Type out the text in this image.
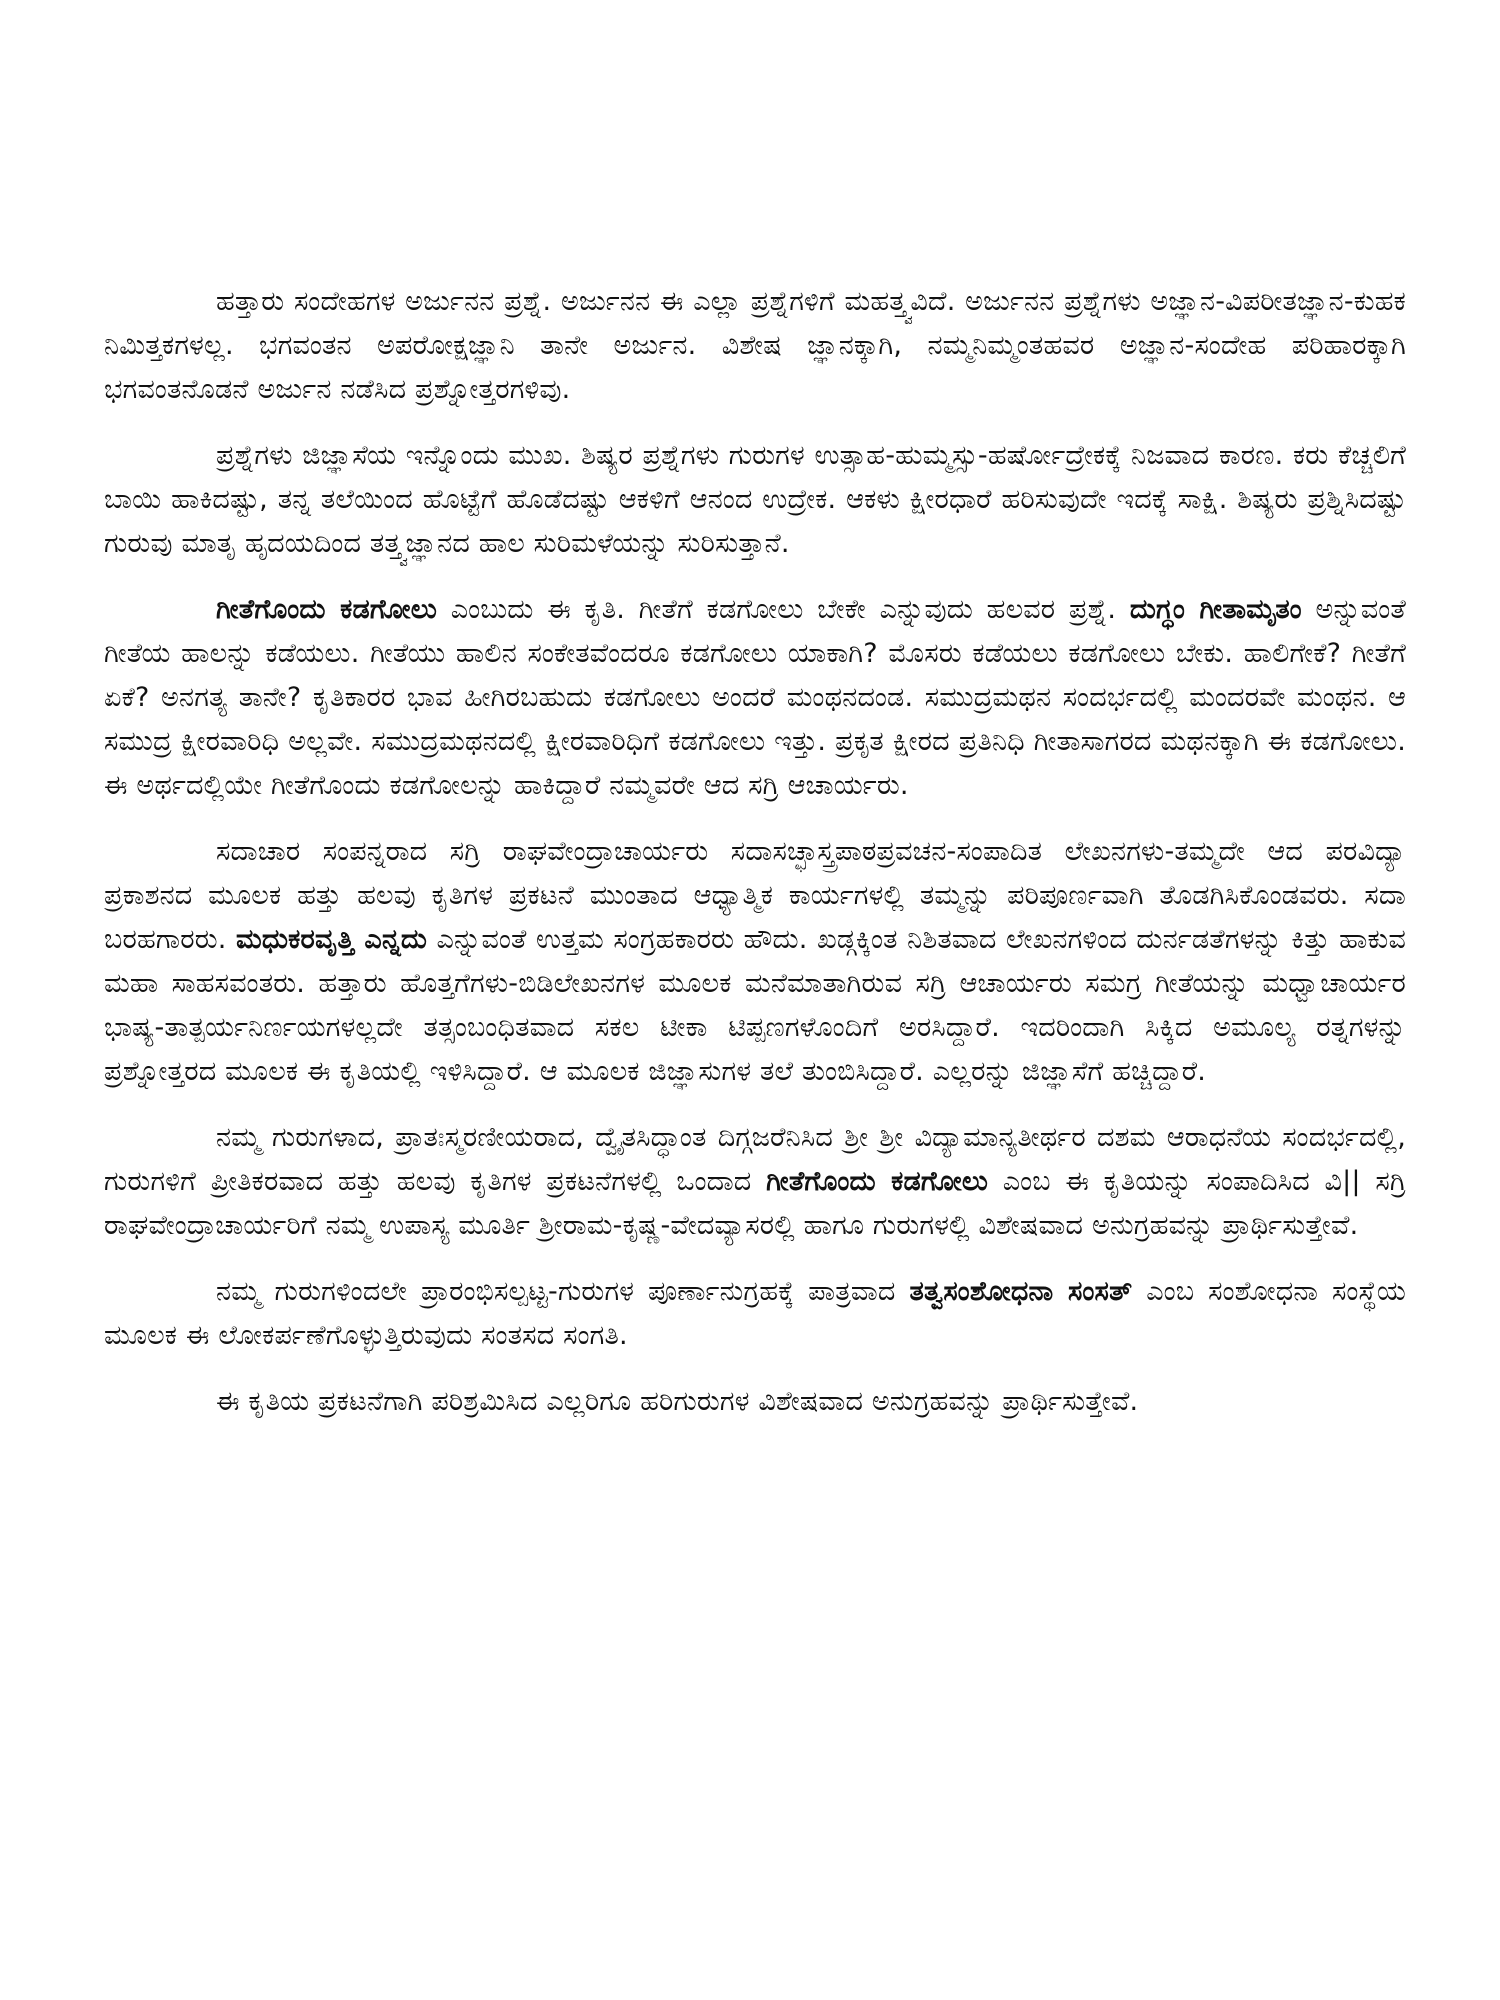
ಹತ್ತಾರು ಸಂದೇಹಗಳ ಅರ್ಜುನನ ಪ್ರಶ್ನೆ. ಅರ್ಜುನನ ಈ ಎಲ್ಲಾ ಪ್ರಶ್ನೆಗಳಿಗೆ ಮಹತ್ತ್ವವಿದೆ. ಅರ್ಜುನನ ಪ್ರಶ್ನೆಗಳು ಅಜ್ಞಾನ-ವಿಪರೀತಜ್ಞಾನ-ಕುಹಕ ನಿಮಿತ್ತಕಗಳಲ್ಲ. ಭಗವಂತನ ಅಪರೋಕ್ಷಜ್ಞಾನಿ ತಾನೇ ಅರ್ಜುನ. ವಿಶೇಷ ಜ್ಞಾನಕ್ಕಾಗಿ, ನಮ್ಮನಿಮ್ಮಂತಹವರ ಅಜ್ಞಾನ-ಸಂದೇಹ ಪರಿಹಾರಕ್ಕಾಗಿ ಭಗವಂತನೊಡನೆ ಅರ್ಜುನ ನಡೆಸಿದ ಪ್ರಶ್ನೋತ್ತರಗಳಿವು.

ಪ್ರಶ್ನೆಗಳು ಜಿಜ್ಞಾಸೆಯ ಇನ್ನೊಂದು ಮುಖ. ಶಿಷ್ಯರ ಪ್ರಶ್ನೆಗಳು ಗುರುಗಳ ಉತ್ಸಾಹ-ಹುಮ್ಮಸ್ಸು-ಹರ್ಷೋದ್ರೇಕಕ್ಕೆ ನಿಜವಾದ ಕಾರಣ. ಕರು ಕೆಚ್ಚಲಿಗೆ ಬಾಯಿ ಹಾಕಿದಷ್ಟು, ತನ್ನ ತಲೆಯಿಂದ ಹೊಟ್ಟೆಗೆ ಹೊಡೆದಷ್ಟು ಆಕಳಿಗೆ ಆನಂದ ಉದ್ರೇಕ. ಆಕಳು ಕ್ಷೀರಧಾರೆ ಹರಿಸುವುದೇ ಇದಕ್ಕೆ ಸಾಕ್ಷಿ. ಶಿಷ್ಯರು ಪ್ರಶ್ನಿಸಿದಷ್ಟು ಗುರುವು ಮಾತೃ ಹೃದಯದಿಂದ ತತ್ತ್ವಜ್ಞಾನದ ಹಾಲ ಸುರಿಮಳೆಯನ್ನು ಸುರಿಸುತ್ತಾನೆ.

ಗೀತೆಗೊಂದು ಕಡಗೋಲು ಎಂಬುದು ಈ ಕೃತಿ. ಗೀತೆಗೆ ಕಡಗೋಲು ಬೇಕೇ ಎನ್ನುವುದು ಹಲವರ ಪ್ರಶ್ನೆ. ದುಗ್ಧಂ ಗೀತಾಮೃತಂ ಅನ್ನುವಂತೆ ಗೀತೆಯ ಹಾಲನ್ನು ಕಡೆಯಲು. ಗೀತೆಯು ಹಾಲಿನ ಸಂಕೇತವೆಂದರೂ ಕಡಗೋಲು ಯಾಕಾಗಿ? ಮೊಸರು ಕಡೆಯಲು ಕಡಗೋಲು ಬೇಕು. ಹಾಲಿಗೇಕೆ? ಗೀತೆಗೆ ಏಕೆ? ಅನಗತ್ಯ ತಾನೇ? ಕೃತಿಕಾರರ ಭಾವ ಹೀಗಿರಬಹುದು ಕಡಗೋಲು ಅಂದರೆ ಮಂಥನದಂಡ. ಸಮುದ್ರಮಥನ ಸಂದರ್ಭದಲ್ಲಿ ಮಂದರವೇ ಮಂಥನ. ಆ ಸಮುದ್ರ ಕ್ಷೀರವಾರಿಧಿ ಅಲ್ಲವೇ. ಸಮುದ್ರಮಥನದಲ್ಲಿ ಕ್ಷೀರವಾರಿಧಿಗೆ ಕಡಗೋಲು ಇತ್ತು. ಪ್ರಕೃತ ಕ್ಷೀರದ ಪ್ರತಿನಿಧಿ ಗೀತಾಸಾಗರದ ಮಥನಕ್ಕಾಗಿ ಈ ಕಡಗೋಲು. ಈ ಅರ್ಥದಲ್ಲಿಯೇ ಗೀತೆಗೊಂದು ಕಡಗೋಲನ್ನು ಹಾಕಿದ್ದಾರೆ ನಮ್ಮವರೇ ಆದ ಸಗ್ರಿ ಆಚಾರ್ಯರು.

ಸದಾಚಾರ ಸಂಪನ್ನರಾದ ಸಗ್ರಿ ರಾಘವೇಂದ್ರಾಚಾರ್ಯರು ಸದಾಸಚ್ಛಾಸ್ತ್ರಪಾಠಪ್ರವಚನ-ಸಂಪಾದಿತ ಲೇಖನಗಳು-ತಮ್ಮದೇ ಆದ ಪರವಿದ್ಯಾ ಪ್ರಕಾಶನದ ಮೂಲಕ ಹತ್ತು ಹಲವು ಕೃತಿಗಳ ಪ್ರಕಟನೆ ಮುಂತಾದ ಆಧ್ಯಾತ್ಮಿಕ ಕಾರ್ಯಗಳಲ್ಲಿ ತಮ್ಮನ್ನು ಪರಿಪೂರ್ಣವಾಗಿ ತೊಡಗಿಸಿಕೊಂಡವರು. ಸದಾ ಬರಹಗಾರರು. ಮಧುಕರವೃತ್ತಿ ಎನ್ನದು ಎನ್ನುವಂತೆ ಉತ್ತಮ ಸಂಗ್ರಹಕಾರರು ಹೌದು. ಖಡ್ಗಕ್ಕಿಂತ ನಿಶಿತವಾದ ಲೇಖನಗಳಿಂದ ದುರ್ನಡತೆಗಳನ್ನು ಕಿತ್ತು ಹಾಕುವ ಮಹಾ ಸಾಹಸವಂತರು. ಹತ್ತಾರು ಹೊತ್ತಗೆಗಳು-ಬಿಡಿಲೇಖನಗಳ ಮೂಲಕ ಮನೆಮಾತಾಗಿರುವ ಸಗ್ರಿ ಆಚಾರ್ಯರು ಸಮಗ್ರ ಗೀತೆಯನ್ನು ಮಧ್ವಾಚಾರ್ಯರ ಭಾಷ್ಯ-ತಾತ್ಪರ್ಯನಿರ್ಣಯಗಳಲ್ಲದೇ ತತ್ಸಂಬಂಧಿತವಾದ ಸಕಲ ಟೀಕಾ ಟಿಪ್ಪಣಗಳೊಂದಿಗೆ ಅರಸಿದ್ದಾರೆ. ಇದರಿಂದಾಗಿ ಸಿಕ್ಕಿದ ಅಮೂಲ್ಯ ರತ್ನಗಳನ್ನು ಪ್ರಶ್ನೋತ್ತರದ ಮೂಲಕ ಈ ಕೃತಿಯಲ್ಲಿ ಇಳಿಸಿದ್ದಾರೆ. ಆ ಮೂಲಕ ಜಿಜ್ಞಾಸುಗಳ ತಲೆ ತುಂಬಿಸಿದ್ದಾರೆ. ಎಲ್ಲರನ್ನು ಜಿಜ್ಞಾಸೆಗೆ ಹಚ್ಚಿದ್ದಾರೆ.

ನಮ್ಮ ಗುರುಗಳಾದ, ಪ್ರಾತಃಸ್ಮರಣೀಯರಾದ, ದ್ವೈತಸಿದ್ಧಾಂತ ದಿಗ್ಗಜರೆನಿಸಿದ ಶ್ರೀ ಶ್ರೀ ವಿದ್ಯಾಮಾನ್ಯತೀರ್ಥರ ದಶಮ ಆರಾಧನೆಯ ಸಂದರ್ಭದಲ್ಲಿ, ಗುರುಗಳಿಗೆ ಪ್ರೀತಿಕರವಾದ ಹತ್ತು ಹಲವು ಕೃತಿಗಳ ಪ್ರಕಟನೆಗಳಲ್ಲಿ ಒಂದಾದ ಗೀತೆಗೊಂದು ಕಡಗೋಲು ಎಂಬ ಈ ಕೃತಿಯನ್ನು ಸಂಪಾದಿಸಿದ ವಿ|| ಸಗ್ರಿ ರಾಘವೇಂದ್ರಾಚಾರ್ಯರಿಗೆ ನಮ್ಮ ಉಪಾಸ್ಯ ಮೂರ್ತಿ ಶ್ರೀರಾಮ-ಕೃಷ್ಣ-ವೇದವ್ಯಾಸರಲ್ಲಿ ಹಾಗೂ ಗುರುಗಳಲ್ಲಿ ವಿಶೇಷವಾದ ಅನುಗ್ರಹವನ್ನು ಪ್ರಾರ್ಥಿಸುತ್ತೇವೆ.

ನಮ್ಮ ಗುರುಗಳಿಂದಲೇ ಪ್ರಾರಂಭಿಸಲ್ಪಟ್ಟ-ಗುರುಗಳ ಪೂರ್ಣಾನುಗ್ರಹಕ್ಕೆ ಪಾತ್ರವಾದ ತತ್ವಸಂಶೋಧನಾ ಸಂಸತ್ ಎಂಬ ಸಂಶೋಧನಾ ಸಂಸ್ಥೆಯ ಮೂಲಕ ಈ ಲೋಕರ್ಪಣೆಗೊಳ್ಳುತ್ತಿರುವುದು ಸಂತಸದ ಸಂಗತಿ.

ಈ ಕೃತಿಯ ಪ್ರಕಟನೆಗಾಗಿ ಪರಿಶ್ರಮಿಸಿದ ಎಲ್ಲರಿಗೂ ಹರಿಗುರುಗಳ ವಿಶೇಷವಾದ ಅನುಗ್ರಹವನ್ನು ಪ್ರಾರ್ಥಿಸುತ್ತೇವೆ.
